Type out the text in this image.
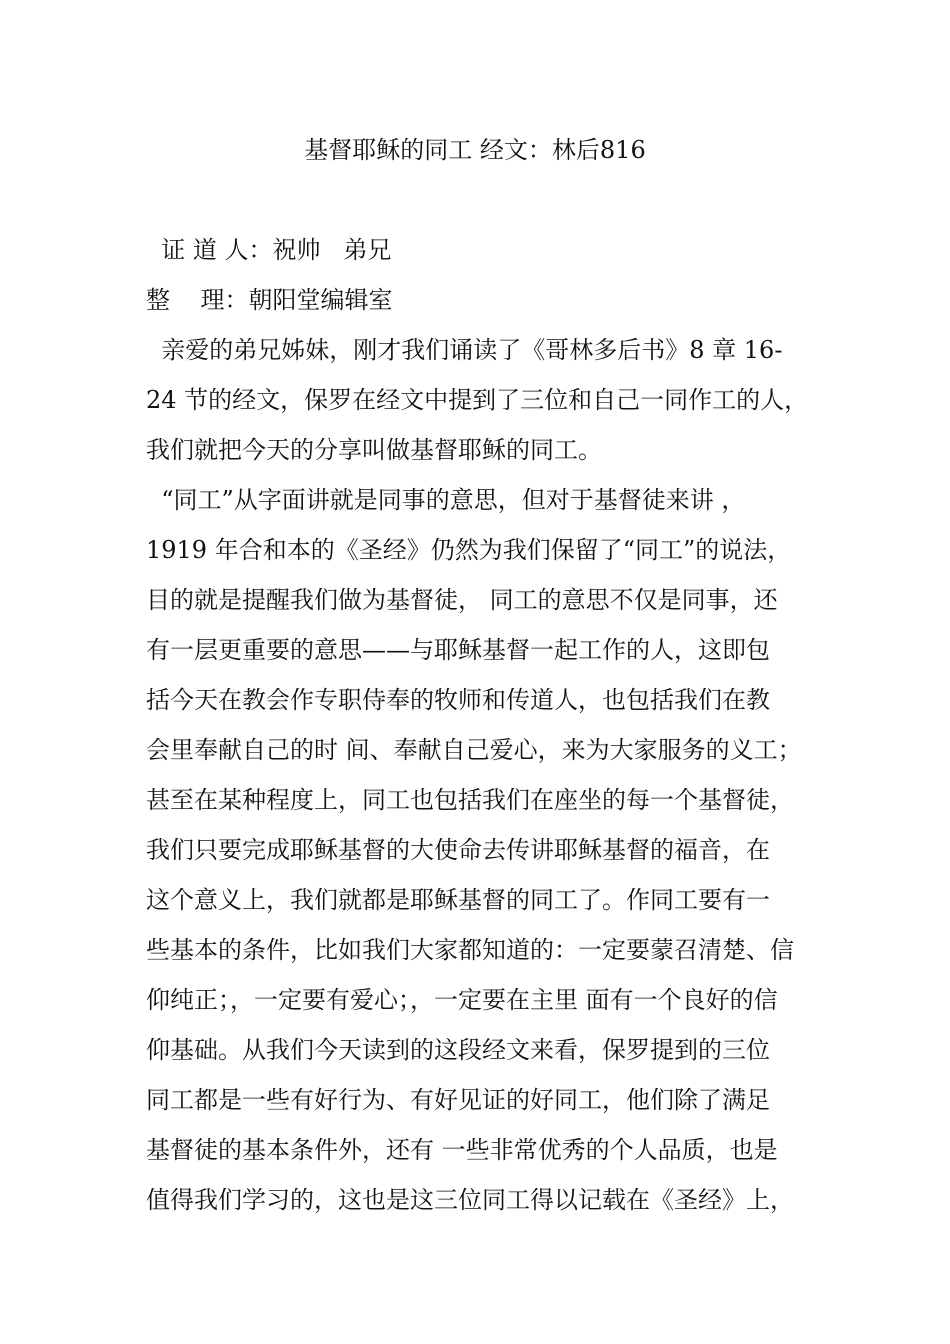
基督耶稣的同工 经文：林后816
证 道 人：祝帅   弟兄
整    理：朝阳堂编辑室
亲爱的弟兄姊妹，刚才我们诵读了《哥林多后书》8 章 16-
24 节的经文，保罗在经文中提到了三位和自己一同作工的人，
我们就把今天的分享叫做基督耶稣的同工。
“同工”从字面讲就是同事的意思，但对于基督徒来讲 ，
1919 年合和本的《圣经》仍然为我们保留了“同工”的说法，
目的就是提醒我们做为基督徒， 同工的意思不仅是同事，还
有一层更重要的意思——与耶稣基督一起工作的人，这即包
括今天在教会作专职侍奉的牧师和传道人，也包括我们在教
会里奉献自己的时 间、奉献自己爱心，来为大家服务的义工；
甚至在某种程度上，同工也包括我们在座坐的每一个基督徒，
我们只要完成耶稣基督的大使命去传讲耶稣基督的福音，在
这个意义上，我们就都是耶稣基督的同工了。作同工要有一
些基本的条件，比如我们大家都知道的：一定要蒙召清楚、信
仰纯正；，一定要有爱心；，一定要在主里 面有一个良好的信
仰基础。从我们今天读到的这段经文来看，保罗提到的三位
同工都是一些有好行为、有好见证的好同工，他们除了满足
基督徒的基本条件外，还有 一些非常优秀的个人品质，也是
值得我们学习的，这也是这三位同工得以记载在《圣经》上，
